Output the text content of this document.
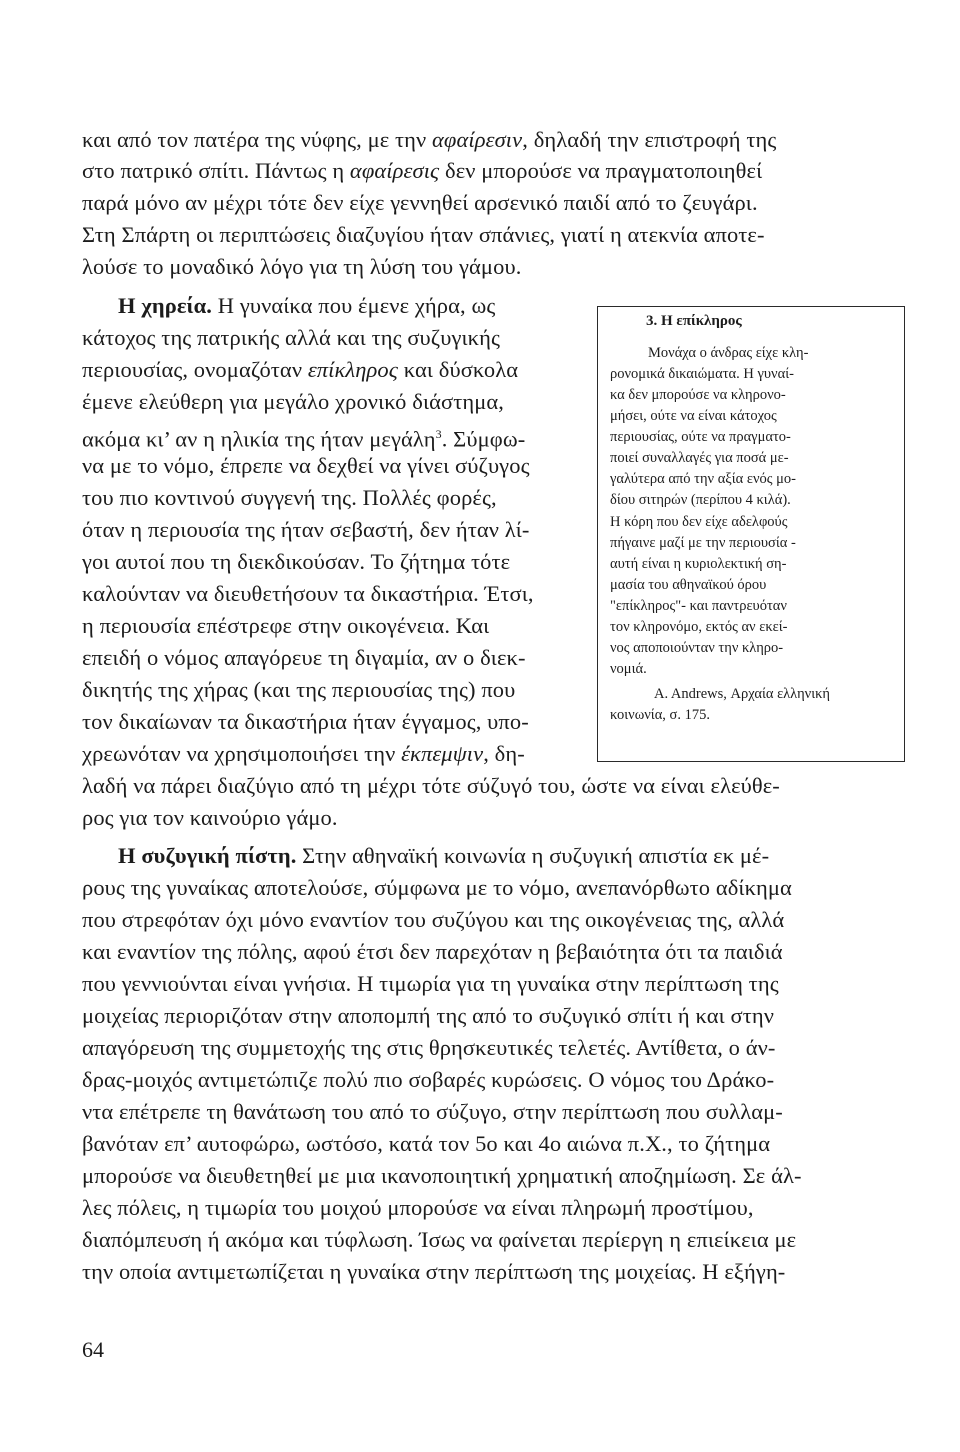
και από τον πατέρα της νύφης, με την αφαίρεσιν, δηλαδή την επιστροφή της
στο πατρικό σπίτι. Πάντως η αφαίρεσις δεν μπορούσε να πραγματοποιηθεί
παρά μόνο αν μέχρι τότε δεν είχε γεννηθεί αρσενικό παιδί από το ζευγάρι.
Στη Σπάρτη οι περιπτώσεις διαζυγίου ήταν σπάνιες, γιατί η ατεκνία αποτε-
λούσε το μοναδικό λόγο για τη λύση του γάμου.
Η χηρεία. Η γυναίκα που έμενε χήρα, ως
κάτοχος της πατρικής αλλά και της συζυγικής
περιουσίας, ονομαζόταν επίκληρος και δύσκολα
έμενε ελεύθερη για μεγάλο χρονικό διάστημα,
ακόμα κι’ αν η ηλικία της ήταν μεγάλη$^3$. Σύμφω-
να με το νόμο, έπρεπε να δεχθεί να γίνει σύζυγος
του πιο κοντινού συγγενή της. Πολλές φορές,
όταν η περιουσία της ήταν σεβαστή, δεν ήταν λί-
γοι αυτοί που τη διεκδικούσαν. Το ζήτημα τότε
καλούνταν να διευθετήσουν τα δικαστήρια. Έτσι,
η περιουσία επέστρεφε στην οικογένεια. Και
επειδή ο νόμος απαγόρευε τη διγαμία, αν ο διεκ-
δικητής της χήρας (και της περιουσίας της) που
τον δικαίωναν τα δικαστήρια ήταν έγγαμος, υπο-
χρεωνόταν να χρησιμοποιήσει την έκπεμψιν, δη-
λαδή να πάρει διαζύγιο από τη μέχρι τότε σύζυγό του, ώστε να είναι ελεύθε-
ρος για τον καινούριο γάμο.
Η συζυγική πίστη. Στην αθηναϊκή κοινωνία η συζυγική απιστία εκ μέ-
ρους της γυναίκας αποτελούσε, σύμφωνα με το νόμο, ανεπανόρθωτο αδίκημα
που στρεφόταν όχι μόνο εναντίον του συζύγου και της οικογένειας της, αλλά
και εναντίον της πόλης, αφού έτσι δεν παρεχόταν η βεβαιότητα ότι τα παιδιά
που γεννιούνται είναι γνήσια. Η τιμωρία για τη γυναίκα στην περίπτωση της
μοιχείας περιοριζόταν στην αποπομπή της από το συζυγικό σπίτι ή και στην
απαγόρευση της συμμετοχής της στις θρησκευτικές τελετές. Αντίθετα, ο άν-
δρας-μοιχός αντιμετώπιζε πολύ πιο σοβαρές κυρώσεις. Ο νόμος του Δράκο-
ντα επέτρεπε τη θανάτωση του από το σύζυγο, στην περίπτωση που συλλαμ-
βανόταν επ’ αυτοφώρω, ωστόσο, κατά τον 5ο και 4ο αιώνα π.Χ., το ζήτημα
μπορούσε να διευθετηθεί με μια ικανοποιητική χρηματική αποζημίωση. Σε άλ-
λες πόλεις, η τιμωρία του μοιχού μπορούσε να είναι πληρωμή προστίμου,
διαπόμπευση ή ακόμα και τύφλωση. Ίσως να φαίνεται περίεργη η επιείκεια με
την οποία αντιμετωπίζεται η γυναίκα στην περίπτωση της μοιχείας. Η εξήγη-
3. Η επίκληρος
Μονάχα ο άνδρας είχε κλη-
ρονομικά δικαιώματα. Η γυναί-
κα δεν μπορούσε να κληρονο-
μήσει, ούτε να είναι κάτοχος
περιουσίας, ούτε να πραγματο-
ποιεί συναλλαγές για ποσά με-
γαλύτερα από την αξία ενός μο-
δίου σιτηρών (περίπου 4 κιλά).
Η κόρη που δεν είχε αδελφούς
πήγαινε μαζί με την περιουσία -
αυτή είναι η κυριολεκτική ση-
μασία του αθηναϊκού όρου
"επίκληρος"- και παντρευόταν
τον κληρονόμο, εκτός αν εκεί-
νος αποποιούνταν την κληρο-
νομιά.
A. Andrews, Αρχαία ελληνική
κοινωνία, σ. 175.
64
